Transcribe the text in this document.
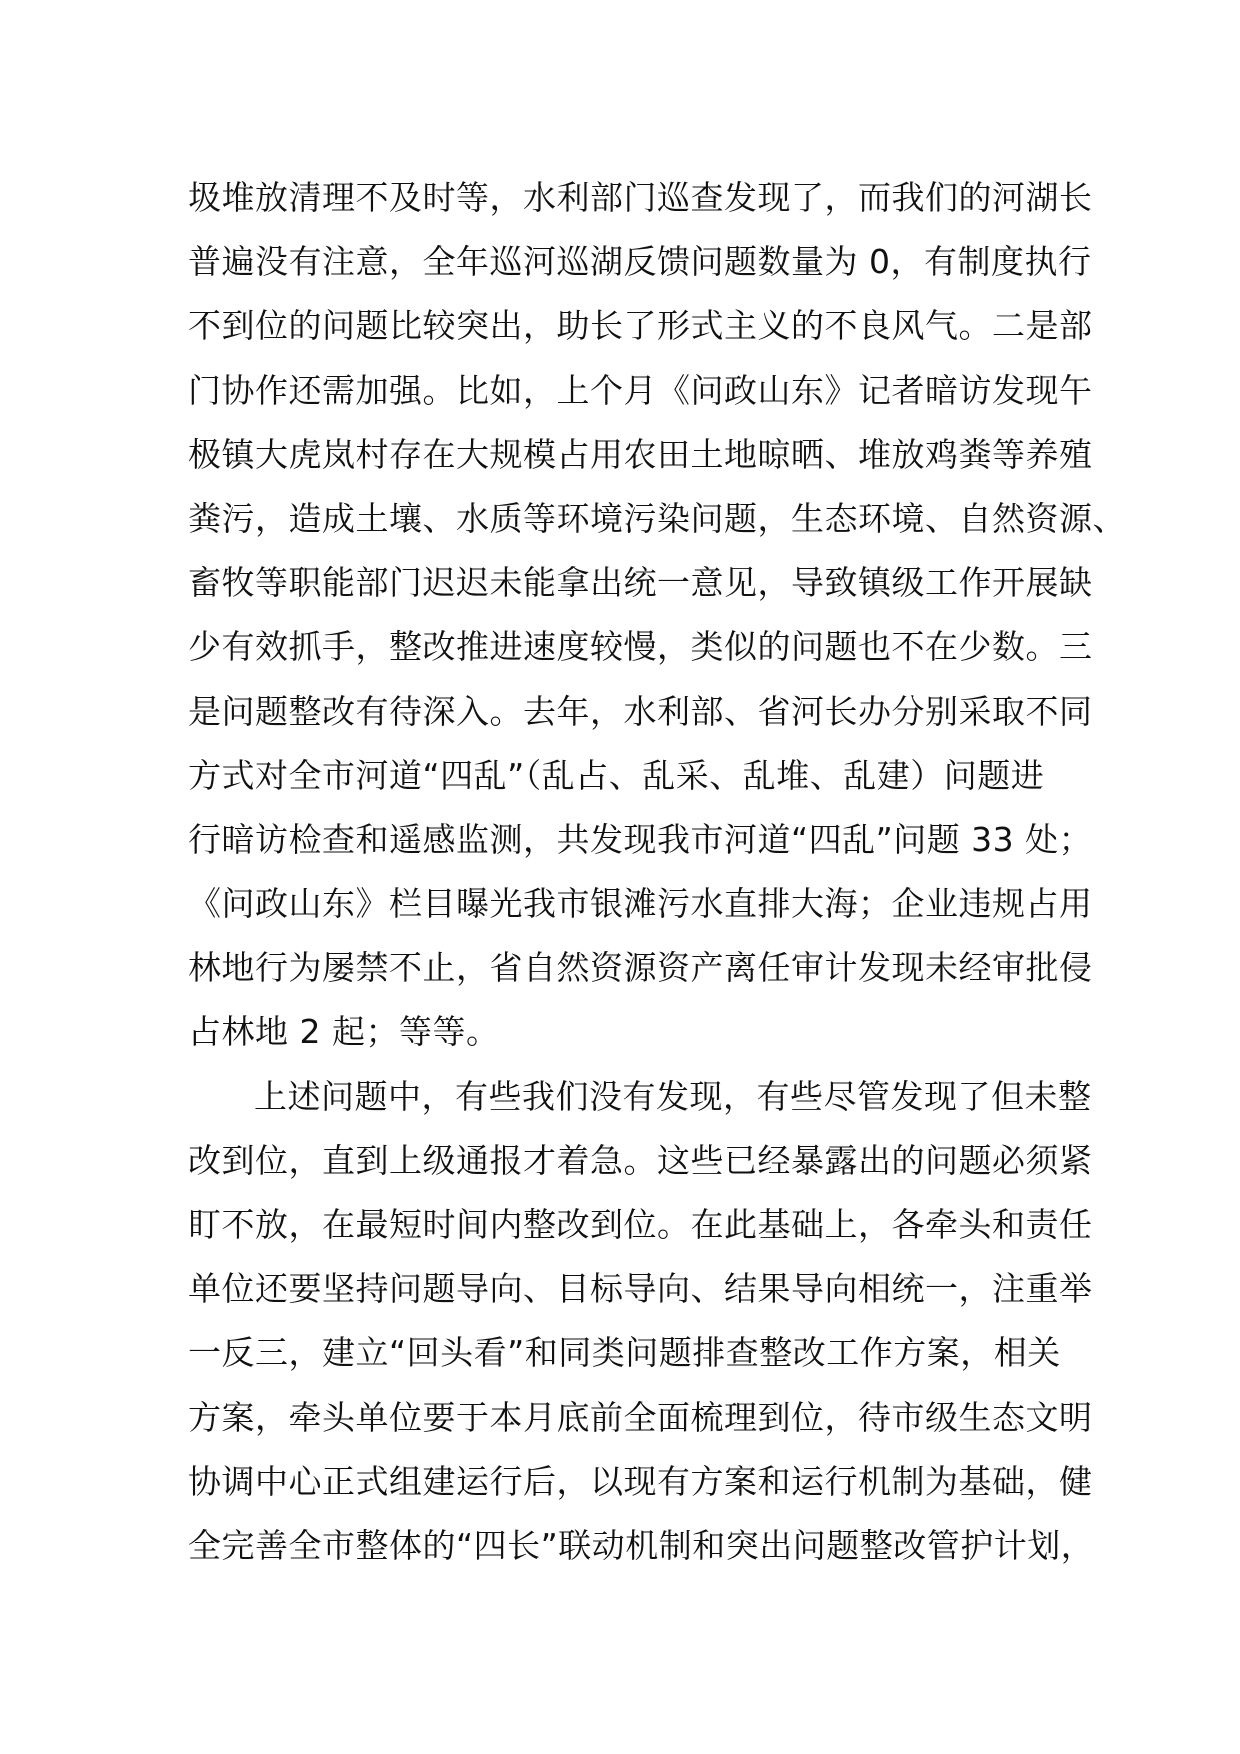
圾堆放清理不及时等，水利部门巡查发现了，而我们的河湖长
普遍没有注意，全年巡河巡湖反馈问题数量为 0，有制度执行
不到位的问题比较突出，助长了形式主义的不良风气。二是部
门协作还需加强。比如，上个月《问政山东》记者暗访发现午
极镇大虎岚村存在大规模占用农田土地晾晒、堆放鸡粪等养殖
粪污，造成土壤、水质等环境污染问题，生态环境、自然资源、
畜牧等职能部门迟迟未能拿出统一意见，导致镇级工作开展缺
少有效抓手，整改推进速度较慢，类似的问题也不在少数。三
是问题整改有待深入。去年，水利部、省河长办分别采取不同
方式对全市河道“四乱”（乱占、乱采、乱堆、乱建）问题进
行暗访检查和遥感监测，共发现我市河道“四乱”问题 33 处；
《问政山东》栏目曝光我市银滩污水直排大海；企业违规占用
林地行为屡禁不止，省自然资源资产离任审计发现未经审批侵
占林地 2 起；等等。
上述问题中，有些我们没有发现，有些尽管发现了但未整
改到位，直到上级通报才着急。这些已经暴露出的问题必须紧
盯不放，在最短时间内整改到位。在此基础上，各牵头和责任
单位还要坚持问题导向、目标导向、结果导向相统一，注重举
一反三，建立“回头看”和同类问题排查整改工作方案，相关
方案，牵头单位要于本月底前全面梳理到位，待市级生态文明
协调中心正式组建运行后，以现有方案和运行机制为基础，健
全完善全市整体的“四长”联动机制和突出问题整改管护计划，
